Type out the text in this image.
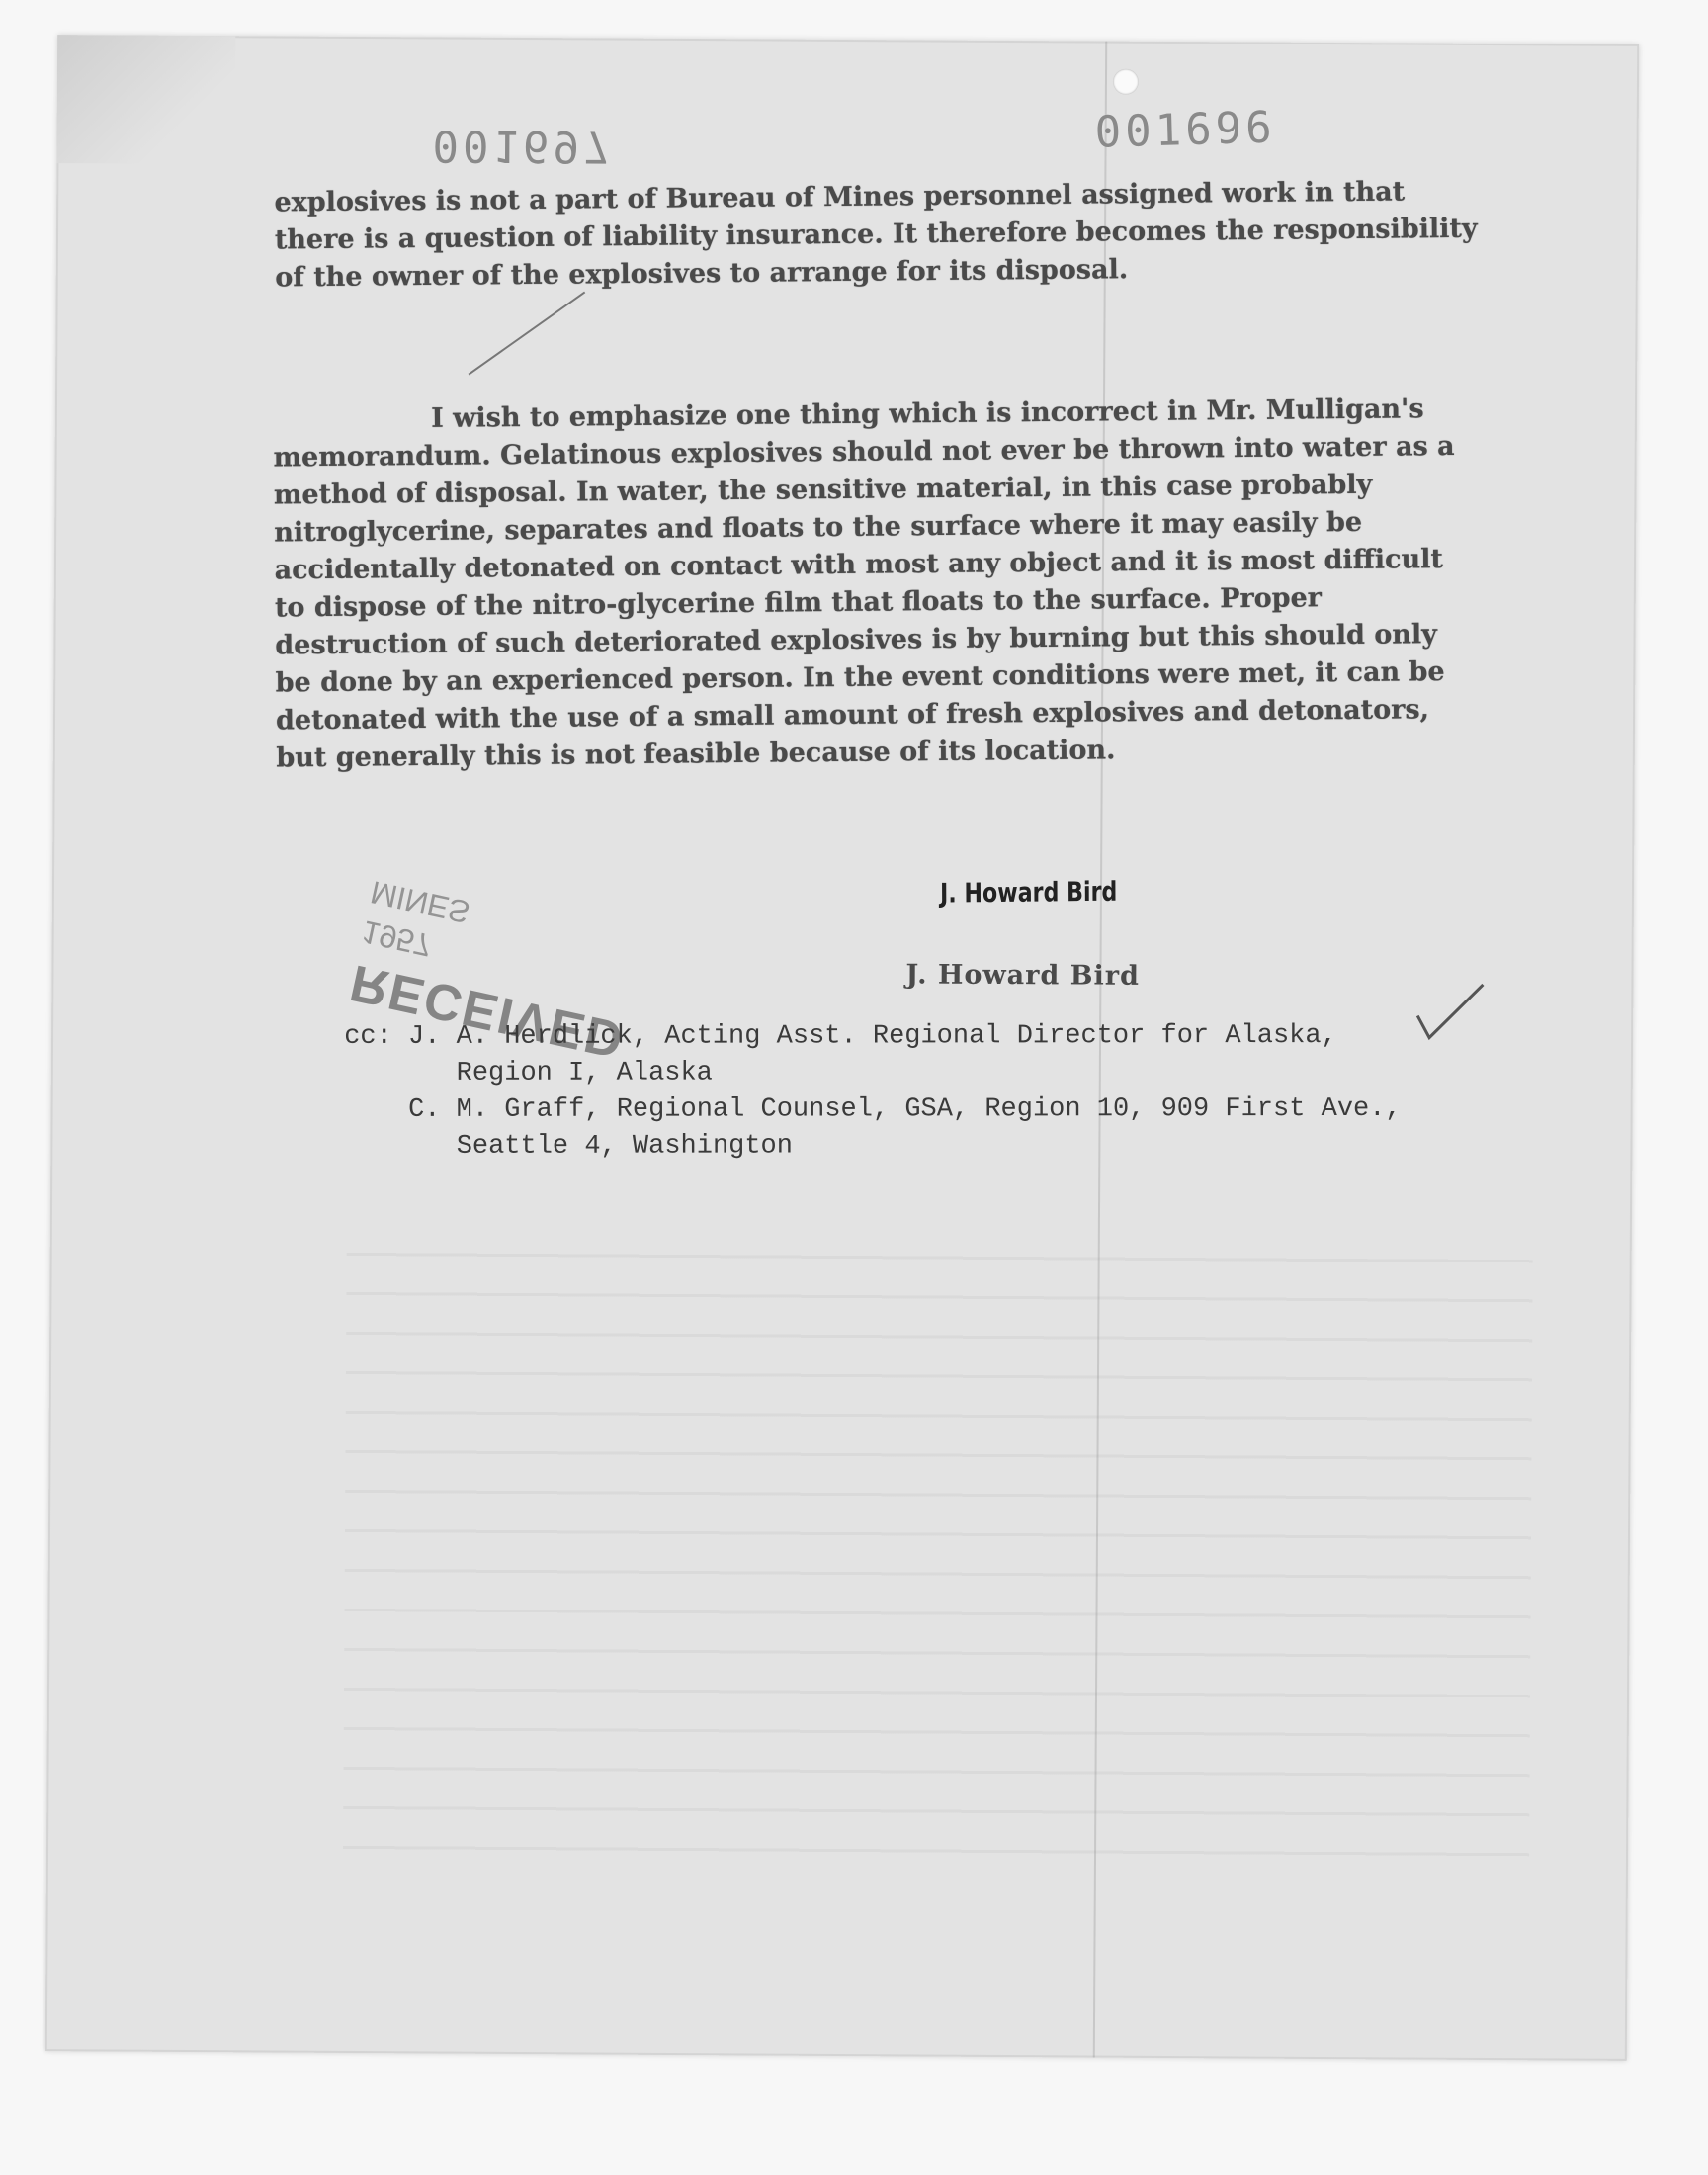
001697	001696

explosives is not a part of Bureau of Mines personnel assigned work in that there is a question of liability insurance. It therefore becomes the responsibility of the owner of the explosives to arrange for its disposal.

I wish to emphasize one thing which is incorrect in Mr. Mulligan's memorandum. Gelatinous explosives should not ever be thrown into water as a method of disposal. In water, the sensitive material, in this case probably nitroglycerine, separates and floats to the surface where it may easily be accidentally detonated on contact with most any object and it is most difficult to dispose of the nitro-glycerine film that floats to the surface. Proper destruction of such deteriorated explosives is by burning but this should only be done by an experienced person. In the event conditions were met, it can be detonated with the use of a small amount of fresh explosives and detonators, but generally this is not feasible because of its location.

J. Howard Bird
J. Howard Bird
RECEIVED
1957
MINES
cc: J. A. Herdlick, Acting Asst. Regional Director for Alaska,
Region I, Alaska
C. M. Graff, Regional Counsel, GSA, Region 10, 909 First Ave.,
Seattle 4, Washington
